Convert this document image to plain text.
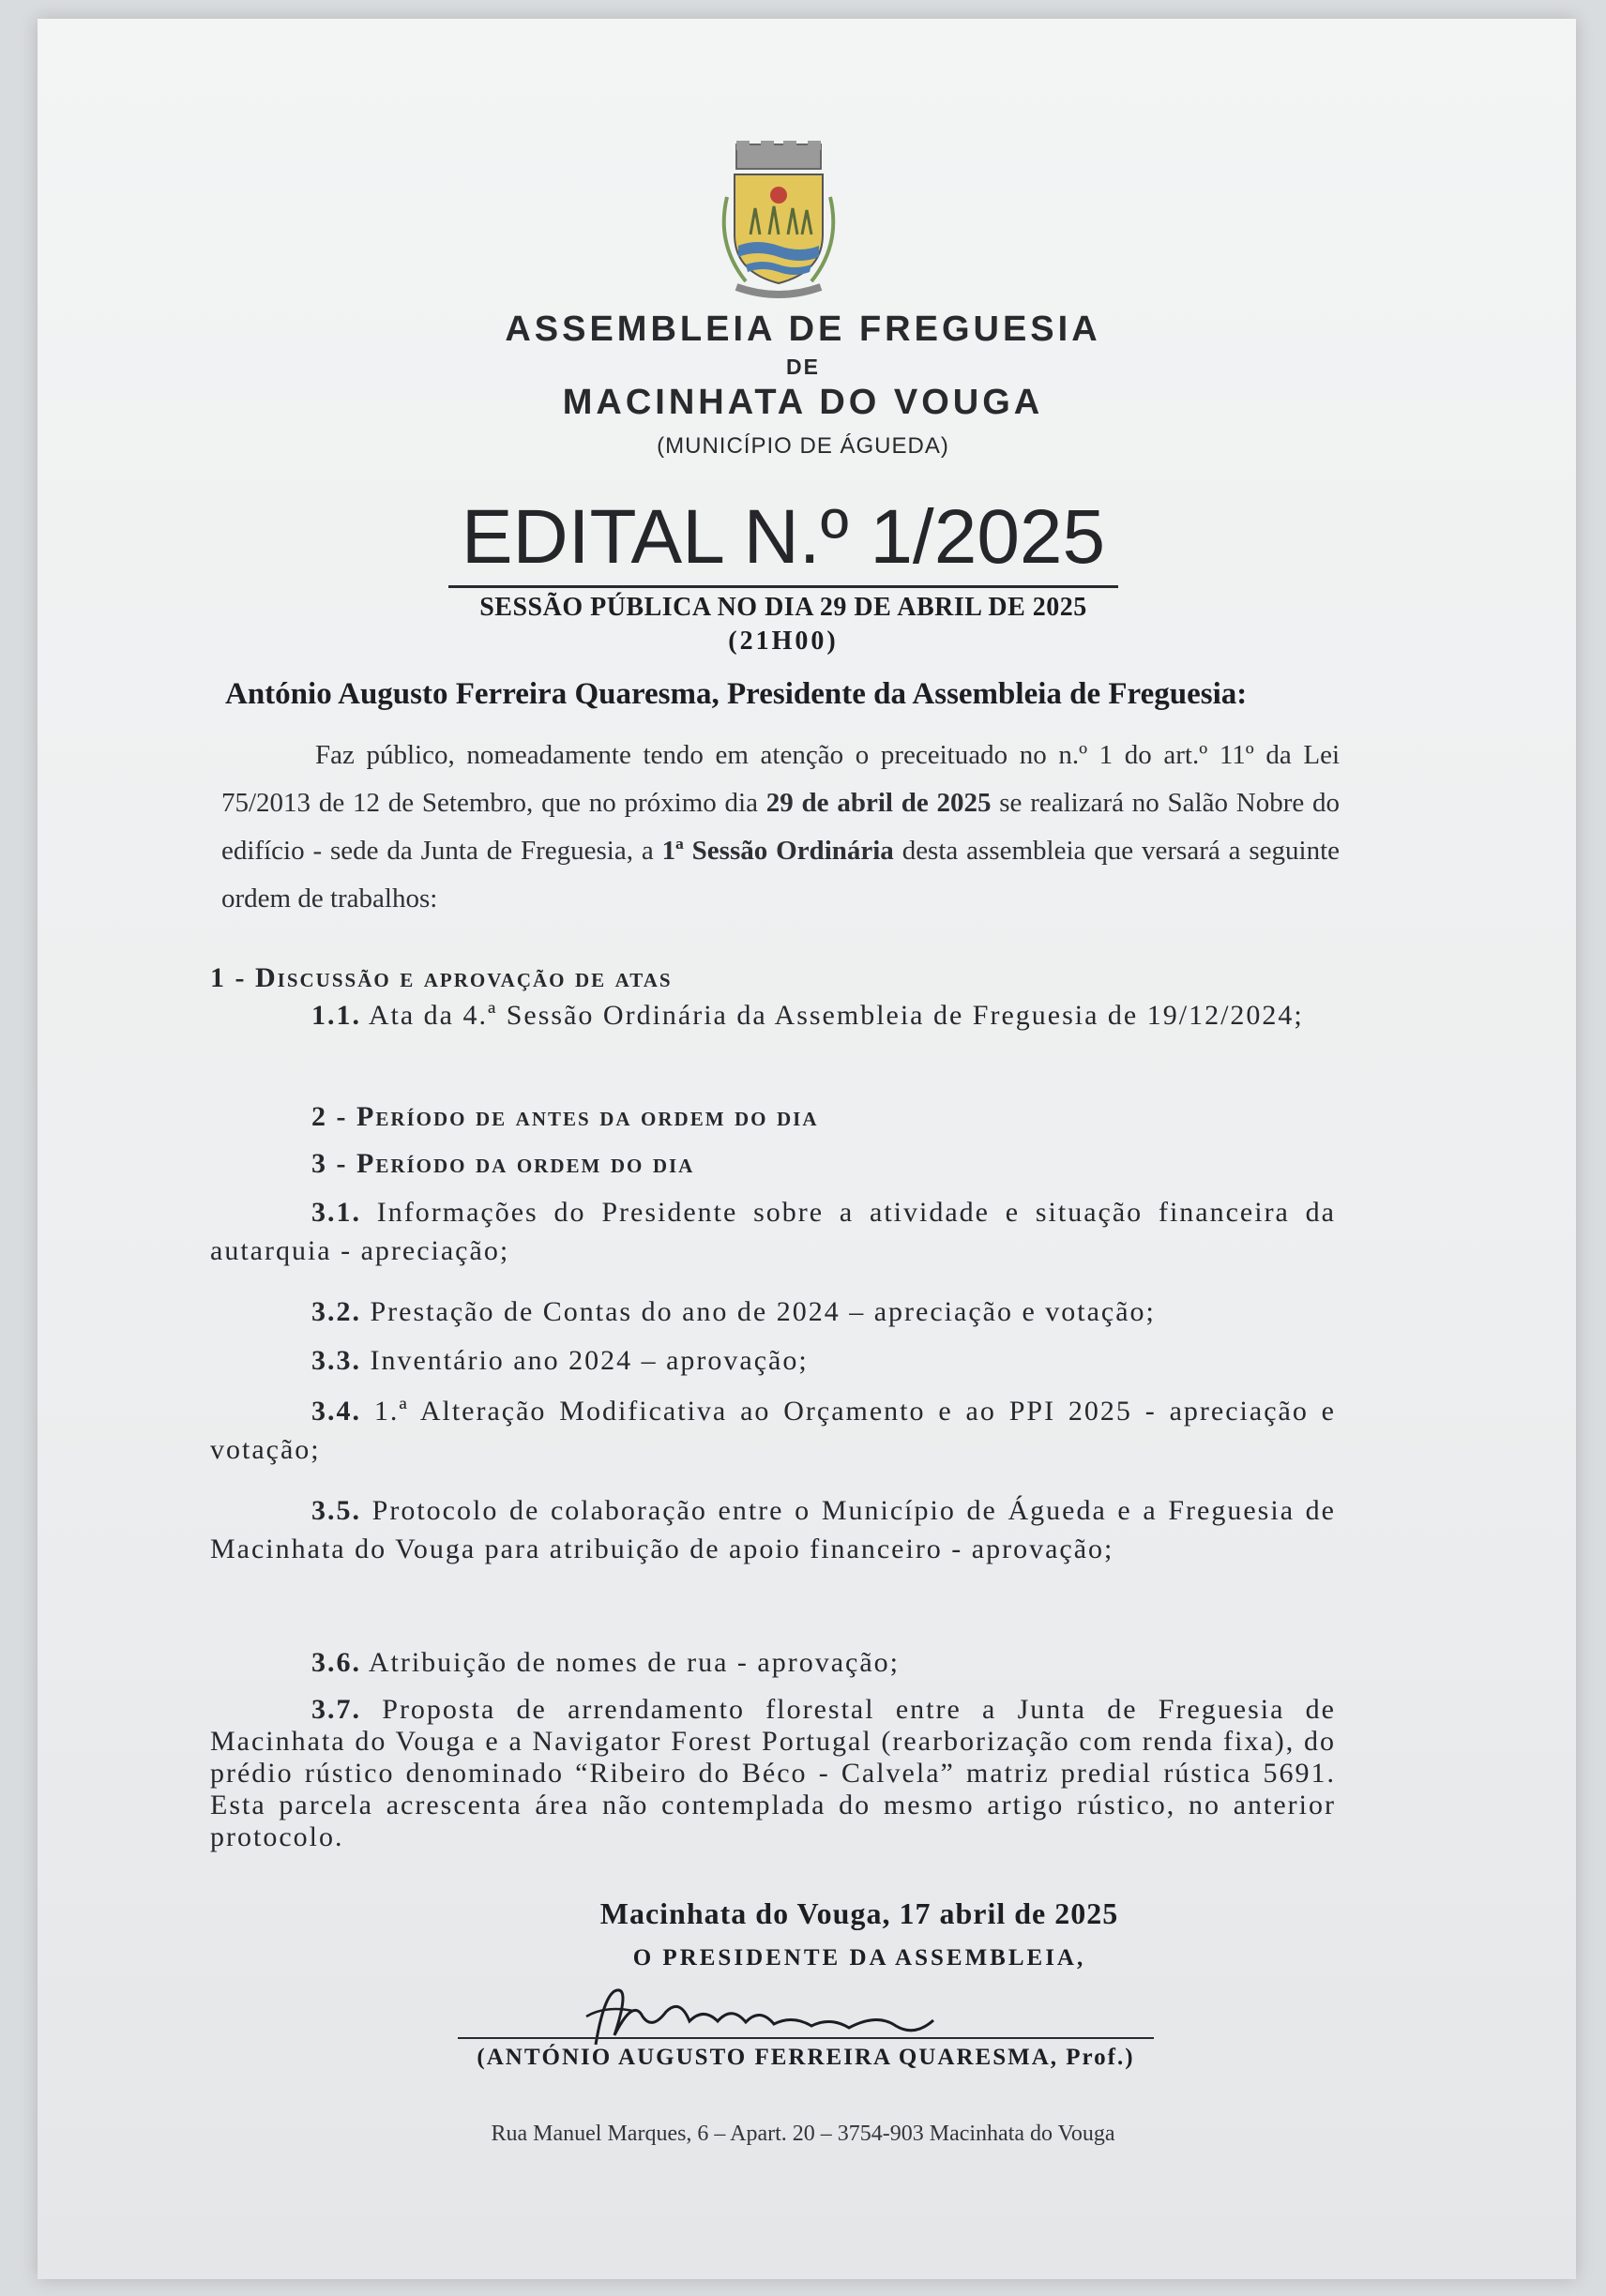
ASSEMBLEIA DE FREGUESIA
DE
MACINHATA DO VOUGA
(MUNICÍPIO DE ÁGUEDA)
EDITAL N.º 1/2025
SESSÃO PÚBLICA NO DIA 29 DE ABRIL DE 2025
(21H00)
António Augusto Ferreira Quaresma, Presidente da Assembleia de Freguesia:
Faz público, nomeadamente tendo em atenção o preceituado no n.º 1 do art.º 11º da Lei 75/2013 de 12 de Setembro, que no próximo dia 29 de abril de 2025 se realizará no Salão Nobre do edifício - sede da Junta de Freguesia, a 1ª Sessão Ordinária desta assembleia que versará a seguinte ordem de trabalhos:
1 - Discussão e aprovação de atas
1.1. Ata da 4.ª Sessão Ordinária da Assembleia de Freguesia de 19/12/2024;
2 - Período de antes da ordem do dia
3 - Período da ordem do dia
3.1. Informações do Presidente sobre a atividade e situação financeira da autarquia - apreciação;
3.2. Prestação de Contas do ano de 2024 – apreciação e votação;
3.3. Inventário ano 2024 – aprovação;
3.4. 1.ª Alteração Modificativa ao Orçamento e ao PPI 2025 - apreciação e votação;
3.5. Protocolo de colaboração entre o Município de Águeda e a Freguesia de Macinhata do Vouga para atribuição de apoio financeiro - aprovação;
3.6. Atribuição de nomes de rua - aprovação;
3.7. Proposta de arrendamento florestal entre a Junta de Freguesia de Macinhata do Vouga e a Navigator Forest Portugal (rearborização com renda fixa), do prédio rústico denominado “Ribeiro do Béco - Calvela” matriz predial rústica 5691. Esta parcela acrescenta área não contemplada do mesmo artigo rústico, no anterior protocolo.
Macinhata do Vouga, 17 abril de 2025
O PRESIDENTE DA ASSEMBLEIA,
(ANTÓNIO AUGUSTO FERREIRA QUARESMA, Prof.)
Rua Manuel Marques, 6 – Apart. 20 – 3754-903 Macinhata do Vouga
